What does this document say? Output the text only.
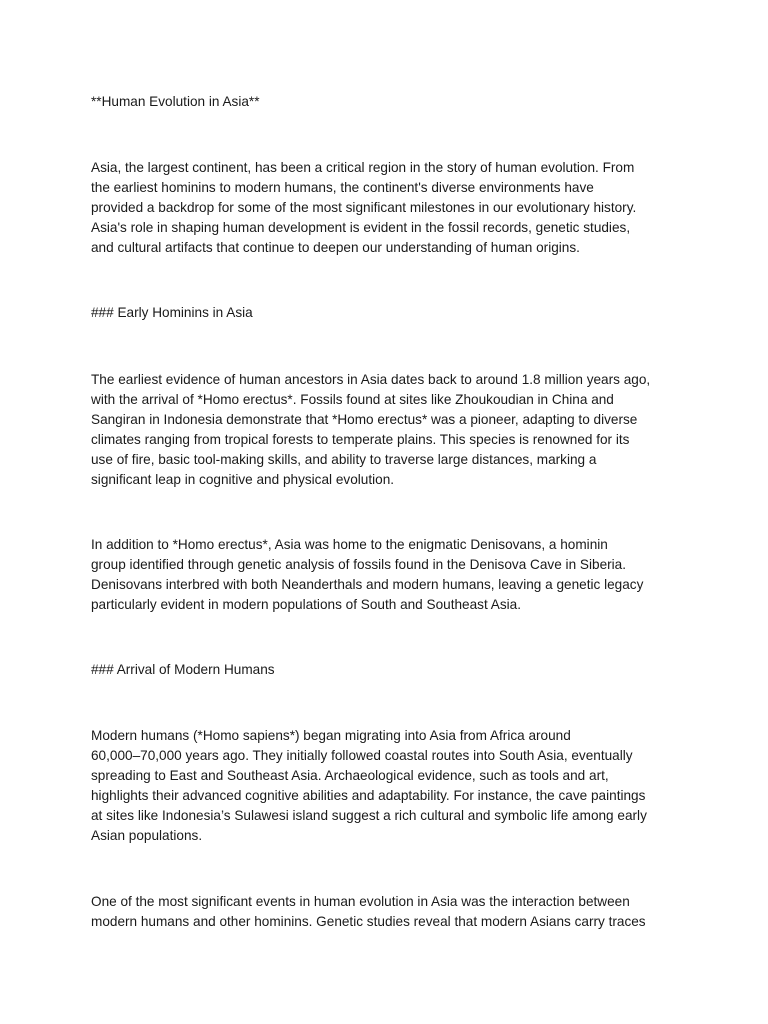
**Human Evolution in Asia**

Asia, the largest continent, has been a critical region in the story of human evolution. From

the earliest hominins to modern humans, the continent's diverse environments have

provided a backdrop for some of the most significant milestones in our evolutionary history.

Asia's role in shaping human development is evident in the fossil records, genetic studies,

and cultural artifacts that continue to deepen our understanding of human origins.

### Early Hominins in Asia

The earliest evidence of human ancestors in Asia dates back to around 1.8 million years ago,

with the arrival of *Homo erectus*. Fossils found at sites like Zhoukoudian in China and

Sangiran in Indonesia demonstrate that *Homo erectus* was a pioneer, adapting to diverse

climates ranging from tropical forests to temperate plains. This species is renowned for its

use of fire, basic tool-making skills, and ability to traverse large distances, marking a

significant leap in cognitive and physical evolution.

In addition to *Homo erectus*, Asia was home to the enigmatic Denisovans, a hominin

group identified through genetic analysis of fossils found in the Denisova Cave in Siberia.

Denisovans interbred with both Neanderthals and modern humans, leaving a genetic legacy

particularly evident in modern populations of South and Southeast Asia.

### Arrival of Modern Humans

Modern humans (*Homo sapiens*) began migrating into Asia from Africa around

60,000–70,000 years ago. They initially followed coastal routes into South Asia, eventually

spreading to East and Southeast Asia. Archaeological evidence, such as tools and art,

highlights their advanced cognitive abilities and adaptability. For instance, the cave paintings

at sites like Indonesia’s Sulawesi island suggest a rich cultural and symbolic life among early

Asian populations.

One of the most significant events in human evolution in Asia was the interaction between

modern humans and other hominins. Genetic studies reveal that modern Asians carry traces
